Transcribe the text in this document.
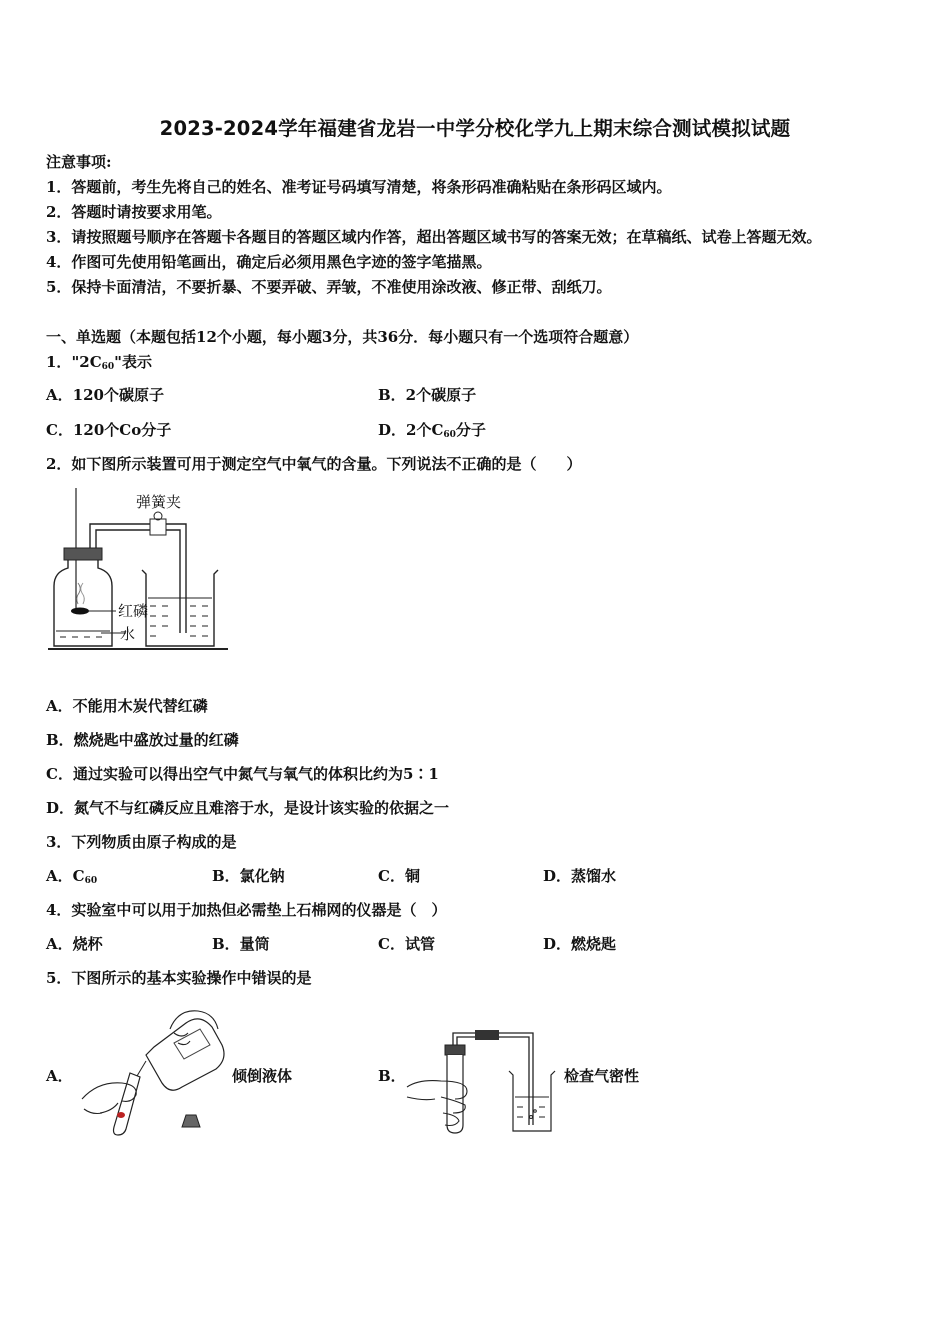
2023-2024学年福建省龙岩一中学分校化学九上期末综合测试模拟试题
注意事项:
1．答题前，考生先将自己的姓名、准考证号码填写清楚，将条形码准确粘贴在条形码区域内。
2．答题时请按要求用笔。
3．请按照题号顺序在答题卡各题目的答题区域内作答，超出答题区域书写的答案无效；在草稿纸、试卷上答题无效。
4．作图可先使用铅笔画出，确定后必须用黑色字迹的签字笔描黑。
5．保持卡面清洁，不要折暴、不要弄破、弄皱，不准使用涂改液、修正带、刮纸刀。
一、单选题（本题包括12个小题，每小题3分，共36分．每小题只有一个选项符合题意）
1．"$2C_{60}$"表示
A．120个碳原子	B．2个碳原子
C．120个Co分子	D．2个$C_{60}$分子
2．如下图所示装置可用于测定空气中氧气的含量。下列说法不正确的是（　　）
弹簧夹
红磷
水
A．不能用木炭代替红磷
B．燃烧匙中盛放过量的红磷
C．通过实验可以得出空气中氮气与氧气的体积比约为5∶1
D．氮气不与红磷反应且难溶于水，是设计该实验的依据之一
3．下列物质由原子构成的是
A．$C_{60}$	B．氯化钠	C．铜	D．蒸馏水
4．实验室中可以用于加热但必需垫上石棉网的仪器是（　）
A．烧杯	B．量筒	C．试管	D．燃烧匙
5．下图所示的基本实验操作中错误的是
A．	倾倒液体	B．	检查气密性
